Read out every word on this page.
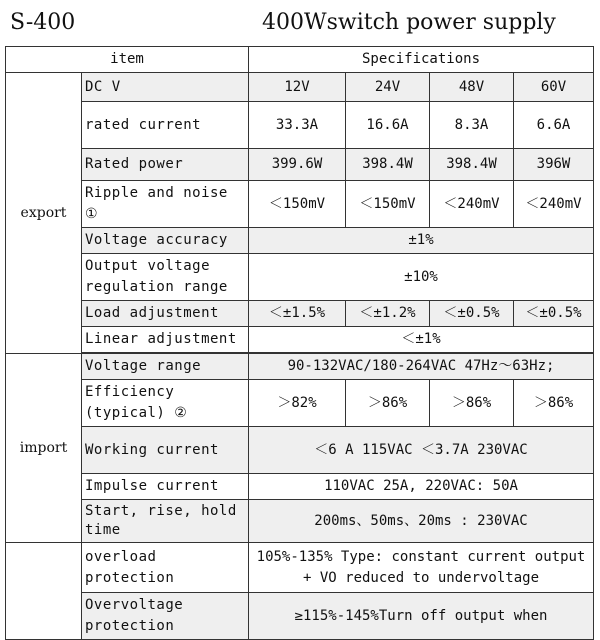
S-400	400Wswitch power supply
item		Specifications			
export	DC V	12V	24V	48V	60V
	rated current	33.3A	16.6A	8.3A	6.6A
	Rated power	399.6W	398.4W	398.4W	396W
	Ripple and noise ①	＜150mV	＜150mV	＜240mV	＜240mV
	Voltage accuracy	±1%			
	Output voltage regulation range	±10%			
	Load adjustment	＜±1.5%	＜±1.2%	＜±0.5%	＜±0.5%
	Linear adjustment	＜±1%			

import	Voltage range	90-132VAC/180-264VAC 47Hz～63Hz;			
	Efficiency (typical) ②	＞82%	＞86%	＞86%	＞86%
	Working current	＜6 A 115VAC ＜3.7A 230VAC			
	Impulse current	110VAC 25A, 220VAC: 50A			
	Start, rise, hold time	200ms、50ms、20ms : 230VAC			
	overload protection	105%-135% Type: constant current output + VO reduced to undervoltage			
	Overvoltage protection	≥115%-145%Turn off output when			
